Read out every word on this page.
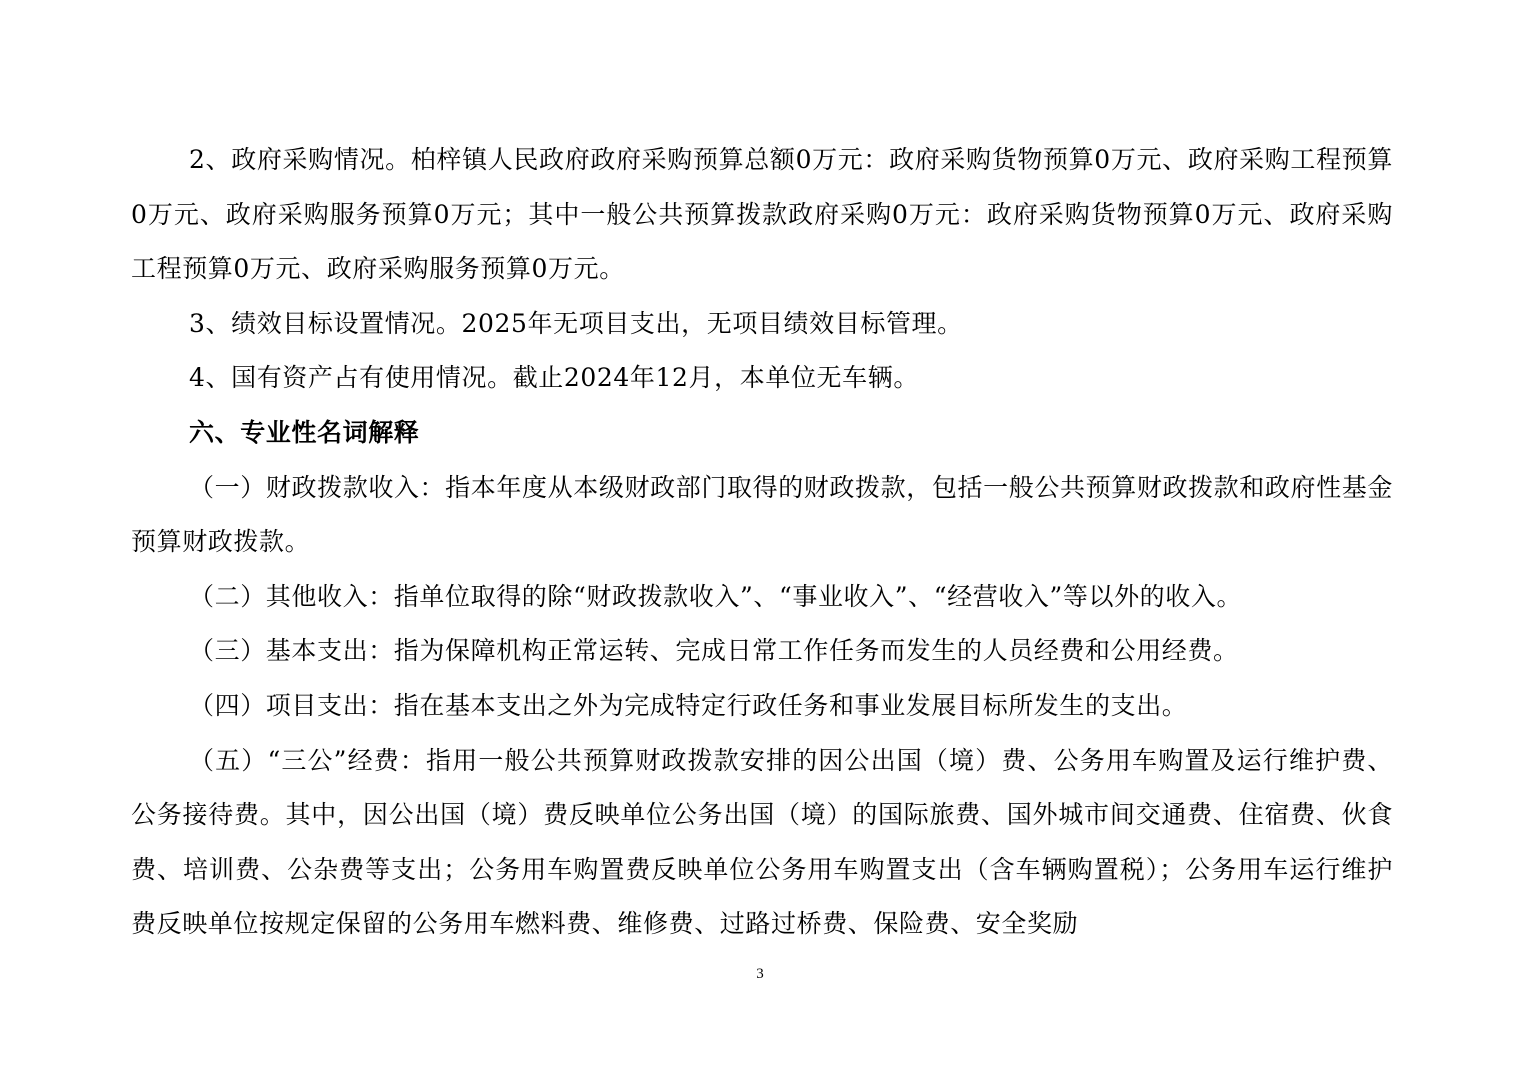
2、政府采购情况。柏梓镇人民政府政府采购预算总额0万元：政府采购货物预算0万元、政府采购工程预算0万元、政府采购服务预算0万元；其中一般公共预算拨款政府采购0万元：政府采购货物预算0万元、政府采购工程预算0万元、政府采购服务预算0万元。

3、绩效目标设置情况。2025年无项目支出，无项目绩效目标管理。

4、国有资产占有使用情况。截止2024年12月，本单位无车辆。

六、专业性名词解释

（一）财政拨款收入：指本年度从本级财政部门取得的财政拨款，包括一般公共预算财政拨款和政府性基金预算财政拨款。

（二）其他收入：指单位取得的除“财政拨款收入”、“事业收入”、“经营收入”等以外的收入。

（三）基本支出：指为保障机构正常运转、完成日常工作任务而发生的人员经费和公用经费。

（四）项目支出：指在基本支出之外为完成特定行政任务和事业发展目标所发生的支出。

（五）“三公”经费：指用一般公共预算财政拨款安排的因公出国（境）费、公务用车购置及运行维护费、公务接待费。其中，因公出国（境）费反映单位公务出国（境）的国际旅费、国外城市间交通费、住宿费、伙食费、培训费、公杂费等支出；公务用车购置费反映单位公务用车购置支出（含车辆购置税）；公务用车运行维护费反映单位按规定保留的公务用车燃料费、维修费、过路过桥费、保险费、安全奖励

3
